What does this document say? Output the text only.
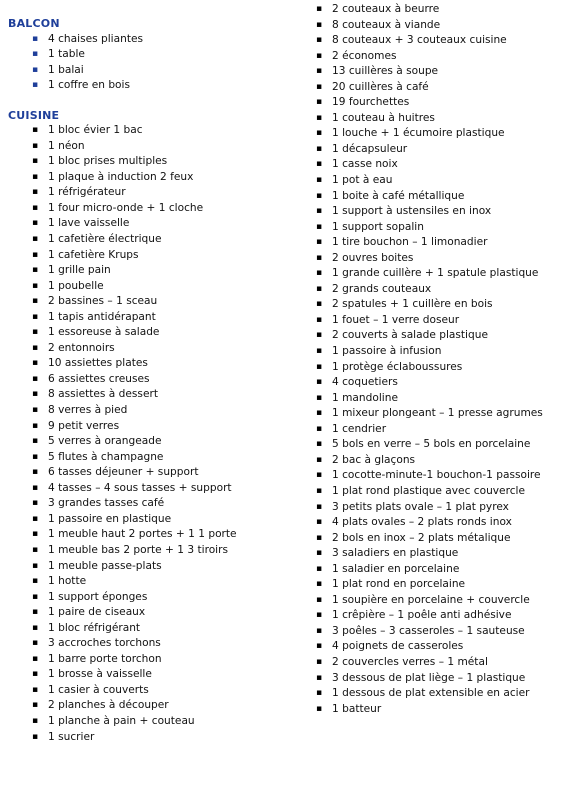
BALCON
▪ 4 chaises pliantes
▪ 1 table
▪ 1 balai
▪ 1 coffre en bois
CUISINE
▪ 1 bloc évier 1 bac
▪ 1 néon
▪ 1 bloc prises multiples
▪ 1 plaque à induction 2 feux
▪ 1 réfrigérateur
▪ 1 four micro-onde + 1 cloche
▪ 1 lave vaisselle
▪ 1 cafetière électrique
▪ 1 cafetière Krups
▪ 1 grille pain
▪ 1 poubelle
▪ 2 bassines – 1 sceau
▪ 1 tapis antidérapant
▪ 1 essoreuse à salade
▪ 2 entonnoirs
▪ 10 assiettes plates
▪ 6 assiettes creuses
▪ 8 assiettes à dessert
▪ 8 verres à pied
▪ 9 petit verres
▪ 5 verres à orangeade
▪ 5 flutes à champagne
▪ 6 tasses déjeuner + support
▪ 4 tasses – 4 sous tasses + support
▪ 3 grandes tasses café
▪ 1 passoire en plastique
▪ 1 meuble haut 2 portes + 1 1 porte
▪ 1 meuble bas 2 porte + 1 3 tiroirs
▪ 1 meuble passe-plats
▪ 1 hotte
▪ 1 support éponges
▪ 1 paire de ciseaux
▪ 1 bloc réfrigérant
▪ 3 accroches torchons
▪ 1 barre porte torchon
▪ 1 brosse à vaisselle
▪ 1 casier à couverts
▪ 2 planches à découper
▪ 1 planche à pain + couteau
▪ 1 sucrier
▪ 2 couteaux à beurre
▪ 8 couteaux à viande
▪ 8 couteaux + 3 couteaux cuisine
▪ 2 économes
▪ 13 cuillères à soupe
▪ 20 cuillères à café
▪ 19 fourchettes
▪ 1 couteau à huitres
▪ 1 louche + 1 écumoire plastique
▪ 1 décapsuleur
▪ 1 casse noix
▪ 1 pot à eau
▪ 1 boite à café métallique
▪ 1 support à ustensiles en inox
▪ 1 support sopalin
▪ 1 tire bouchon – 1 limonadier
▪ 2 ouvres boites
▪ 1 grande cuillère + 1 spatule plastique
▪ 2 grands couteaux
▪ 2 spatules + 1 cuillère en bois
▪ 1 fouet – 1 verre doseur
▪ 2 couverts à salade plastique
▪ 1 passoire à infusion
▪ 1 protège éclaboussures
▪ 4 coquetiers
▪ 1 mandoline
▪ 1 mixeur plongeant – 1 presse agrumes
▪ 1 cendrier
▪ 5 bols en verre – 5 bols en porcelaine
▪ 2 bac à glaçons
▪ 1 cocotte-minute-1 bouchon-1 passoire
▪ 1 plat rond plastique avec couvercle
▪ 3 petits plats ovale – 1 plat pyrex
▪ 4 plats ovales – 2 plats ronds inox
▪ 2 bols en inox – 2 plats métalique
▪ 3 saladiers en plastique
▪ 1 saladier en porcelaine
▪ 1 plat rond en porcelaine
▪ 1 soupière en porcelaine + couvercle
▪ 1 crêpière – 1 poêle anti adhésive
▪ 3 poêles – 3 casseroles – 1 sauteuse
▪ 4 poignets de casseroles
▪ 2 couvercles verres – 1 métal
▪ 3 dessous de plat liège – 1 plastique
▪ 1 dessous de plat extensible en acier
▪ 1 batteur
